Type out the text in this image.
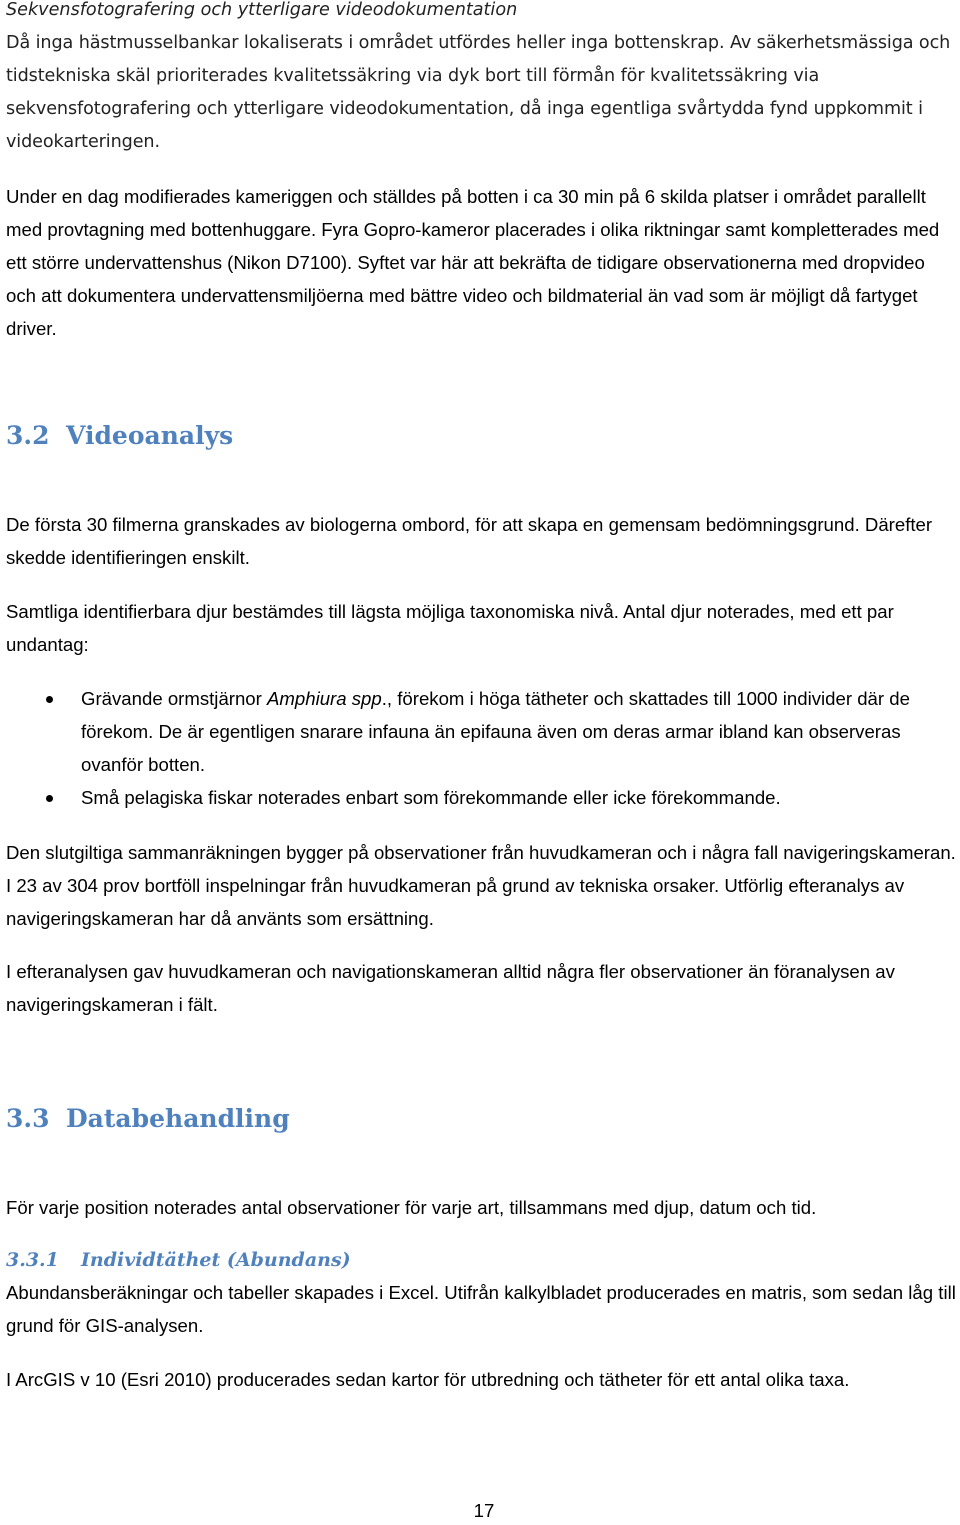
Sekvensfotografering och ytterligare videodokumentation

Då inga hästmusselbankar lokaliserats i området utfördes heller inga bottenskrap. Av säkerhetsmässiga och tidstekniska skäl prioriterades kvalitetssäkring via dyk bort till förmån för kvalitetssäkring via sekvensfotografering och ytterligare videodokumentation, då inga egentliga svårtydda fynd uppkommit i videokarteringen.

Under en dag modifierades kameriggen och ställdes på botten i ca 30 min på 6 skilda platser i området parallellt med provtagning med bottenhuggare. Fyra Gopro-kameror placerades i olika riktningar samt kompletterades med ett större undervattenshus (Nikon D7100). Syftet var här att bekräfta de tidigare observationerna med dropvideo och att dokumentera undervattensmiljöerna med bättre video och bildmaterial än vad som är möjligt då fartyget driver.

3.2 Videoanalys

De första 30 filmerna granskades av biologerna ombord, för att skapa en gemensam bedömningsgrund. Därefter skedde identifieringen enskilt.

Samtliga identifierbara djur bestämdes till lägsta möjliga taxonomiska nivå. Antal djur noterades, med ett par undantag:

Grävande ormstjärnor Amphiura spp., förekom i höga tätheter och skattades till 1000 individer där de förekom. De är egentligen snarare infauna än epifauna även om deras armar ibland kan observeras ovanför botten.
Små pelagiska fiskar noterades enbart som förekommande eller icke förekommande.

Den slutgiltiga sammanräkningen bygger på observationer från huvudkameran och i några fall navigeringskameran. I 23 av 304 prov bortföll inspelningar från huvudkameran på grund av tekniska orsaker. Utförlig efteranalys av navigeringskameran har då använts som ersättning.

I efteranalysen gav huvudkameran och navigationskameran alltid några fler observationer än föranalysen av navigeringskameran i fält.

3.3 Databehandling

För varje position noterades antal observationer för varje art, tillsammans med djup, datum och tid.

3.3.1 Individtäthet (Abundans)

Abundansberäkningar och tabeller skapades i Excel. Utifrån kalkylbladet producerades en matris, som sedan låg till grund för GIS-analysen.

I ArcGIS v 10 (Esri 2010) producerades sedan kartor för utbredning och tätheter för ett antal olika taxa.

17
